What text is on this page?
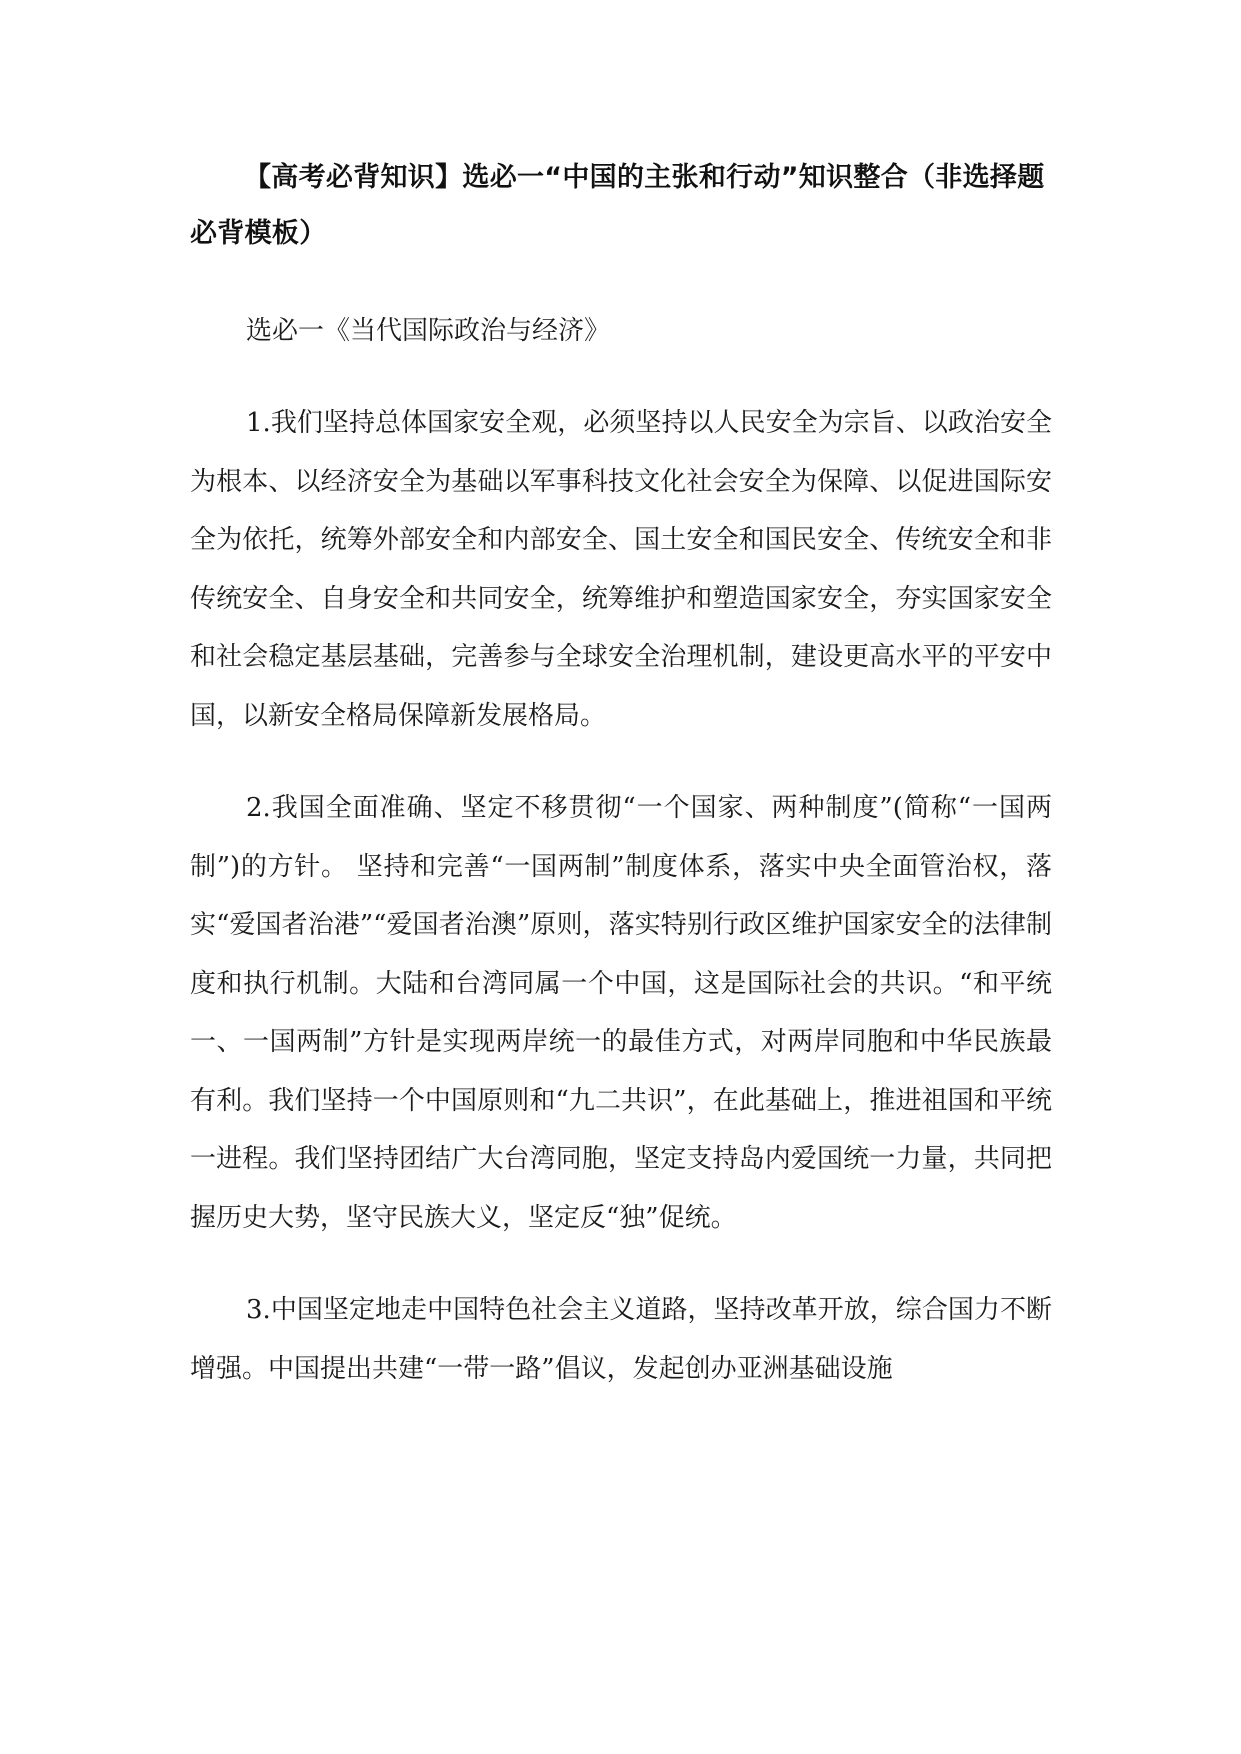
【高考必背知识】选必一“中国的主张和行动”知识整合（非选择题必背模板）

选必一《当代国际政治与经济》

1.我们坚持总体国家安全观，必须坚持以人民安全为宗旨、以政治安全为根本、以经济安全为基础以军事科技文化社会安全为保障、以促进国际安全为依托，统筹外部安全和内部安全、国土安全和国民安全、传统安全和非传统安全、自身安全和共同安全，统筹维护和塑造国家安全，夯实国家安全和社会稳定基层基础，完善参与全球安全治理机制，建设更高水平的平安中国，以新安全格局保障新发展格局。

2.我国全面准确、坚定不移贯彻“一个国家、两种制度”(简称“一国两制”)的方针。 坚持和完善“一国两制”制度体系，落实中央全面管治权，落实“爱国者治港”“爱国者治澳”原则，落实特别行政区维护国家安全的法律制度和执行机制。大陆和台湾同属一个中国，这是国际社会的共识。“和平统一、一国两制”方针是实现两岸统一的最佳方式，对两岸同胞和中华民族最有利。我们坚持一个中国原则和“九二共识”，在此基础上，推进祖国和平统一进程。我们坚持团结广大台湾同胞，坚定支持岛内爱国统一力量，共同把握历史大势，坚守民族大义，坚定反“独”促统。

3.中国坚定地走中国特色社会主义道路，坚持改革开放，综合国力不断增强。中国提出共建“一带一路”倡议，发起创办亚洲基础设施
